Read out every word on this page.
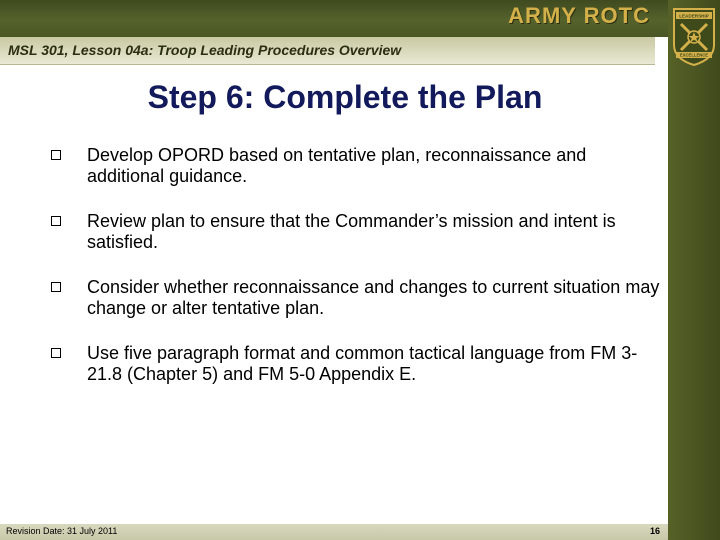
ARMY ROTC
MSL 301, Lesson 04a: Troop Leading Procedures Overview
LEADERSHIP
EXCELLENCE
Step 6: Complete the Plan
Develop OPORD based on tentative plan, reconnaissance and additional guidance.
Review plan to ensure that the Commander’s mission and intent is satisfied.
Consider whether reconnaissance and changes to current situation may change or alter tentative plan.
Use five paragraph format and common tactical language from FM 3-21.8 (Chapter 5) and FM 5-0 Appendix E.
Revision Date: 31 July 2011	16
